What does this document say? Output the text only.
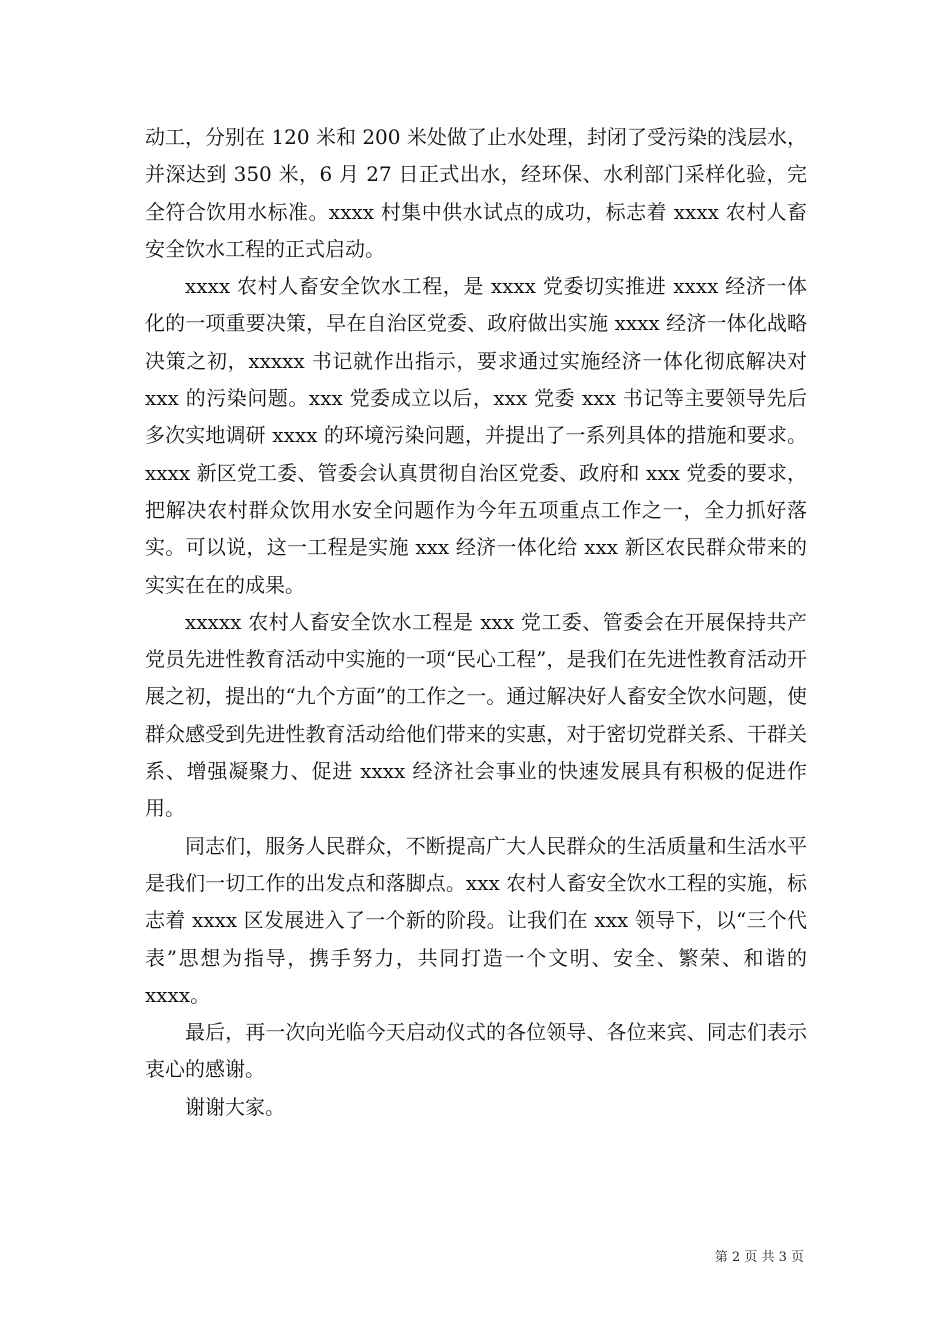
动工，分别在 120 米和 200 米处做了止水处理，封闭了受污染的浅层水，并深达到 350 米，6 月 27 日正式出水，经环保、水利部门采样化验，完全符合饮用水标准。xxxx 村集中供水试点的成功，标志着 xxxx 农村人畜安全饮水工程的正式启动。

xxxx 农村人畜安全饮水工程，是 xxxx 党委切实推进 xxxx 经济一体化的一项重要决策，早在自治区党委、政府做出实施 xxxx 经济一体化战略决策之初，xxxxx 书记就作出指示，要求通过实施经济一体化彻底解决对 xxx 的污染问题。xxx 党委成立以后，xxx 党委 xxx 书记等主要领导先后多次实地调研 xxxx 的环境污染问题，并提出了一系列具体的措施和要求。xxxx 新区党工委、管委会认真贯彻自治区党委、政府和 xxx 党委的要求，把解决农村群众饮用水安全问题作为今年五项重点工作之一，全力抓好落实。可以说，这一工程是实施 xxx 经济一体化给 xxx 新区农民群众带来的实实在在的成果。

xxxxx 农村人畜安全饮水工程是 xxx 党工委、管委会在开展保持共产党员先进性教育活动中实施的一项“民心工程”，是我们在先进性教育活动开展之初，提出的“九个方面”的工作之一。通过解决好人畜安全饮水问题，使群众感受到先进性教育活动给他们带来的实惠，对于密切党群关系、干群关系、增强凝聚力、促进 xxxx 经济社会事业的快速发展具有积极的促进作用。

同志们，服务人民群众，不断提高广大人民群众的生活质量和生活水平是我们一切工作的出发点和落脚点。xxx 农村人畜安全饮水工程的实施，标志着 xxxx 区发展进入了一个新的阶段。让我们在 xxx 领导下，以“三个代表”思想为指导，携手努力，共同打造一个文明、安全、繁荣、和谐的 xxxx。

最后，再一次向光临今天启动仪式的各位领导、各位来宾、同志们表示衷心的感谢。

谢谢大家。

第 2 页 共 3 页
